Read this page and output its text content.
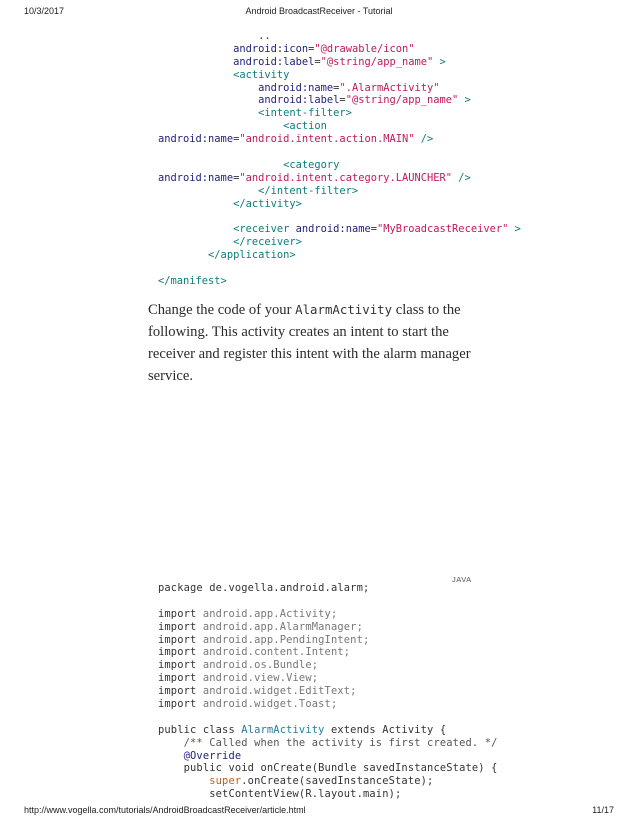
10/3/2017	Android BroadcastReceiver - Tutorial
..
android:icon="@drawable/icon"
android:label="@string/app_name" >
<activity
android:name=".AlarmActivity"
android:label="@string/app_name" >
<intent-filter>
<action
android:name="android.intent.action.MAIN" />
<category
android:name="android.intent.category.LAUNCHER" />
</intent-filter>
</activity>
<receiver android:name="MyBroadcastReceiver" >
</receiver>
</application>
</manifest>
Change the code of your AlarmActivity class to the following. This activity creates an intent to start the receiver and register this intent with the alarm manager service.
JAVA
package de.vogella.android.alarm;
import android.app.Activity;
import android.app.AlarmManager;
import android.app.PendingIntent;
import android.content.Intent;
import android.os.Bundle;
import android.view.View;
import android.widget.EditText;
import android.widget.Toast;
public class AlarmActivity extends Activity {
/** Called when the activity is first created. */
@Override
public void onCreate(Bundle savedInstanceState) {
super.onCreate(savedInstanceState);
setContentView(R.layout.main);
http://www.vogella.com/tutorials/AndroidBroadcastReceiver/article.html	11/17
